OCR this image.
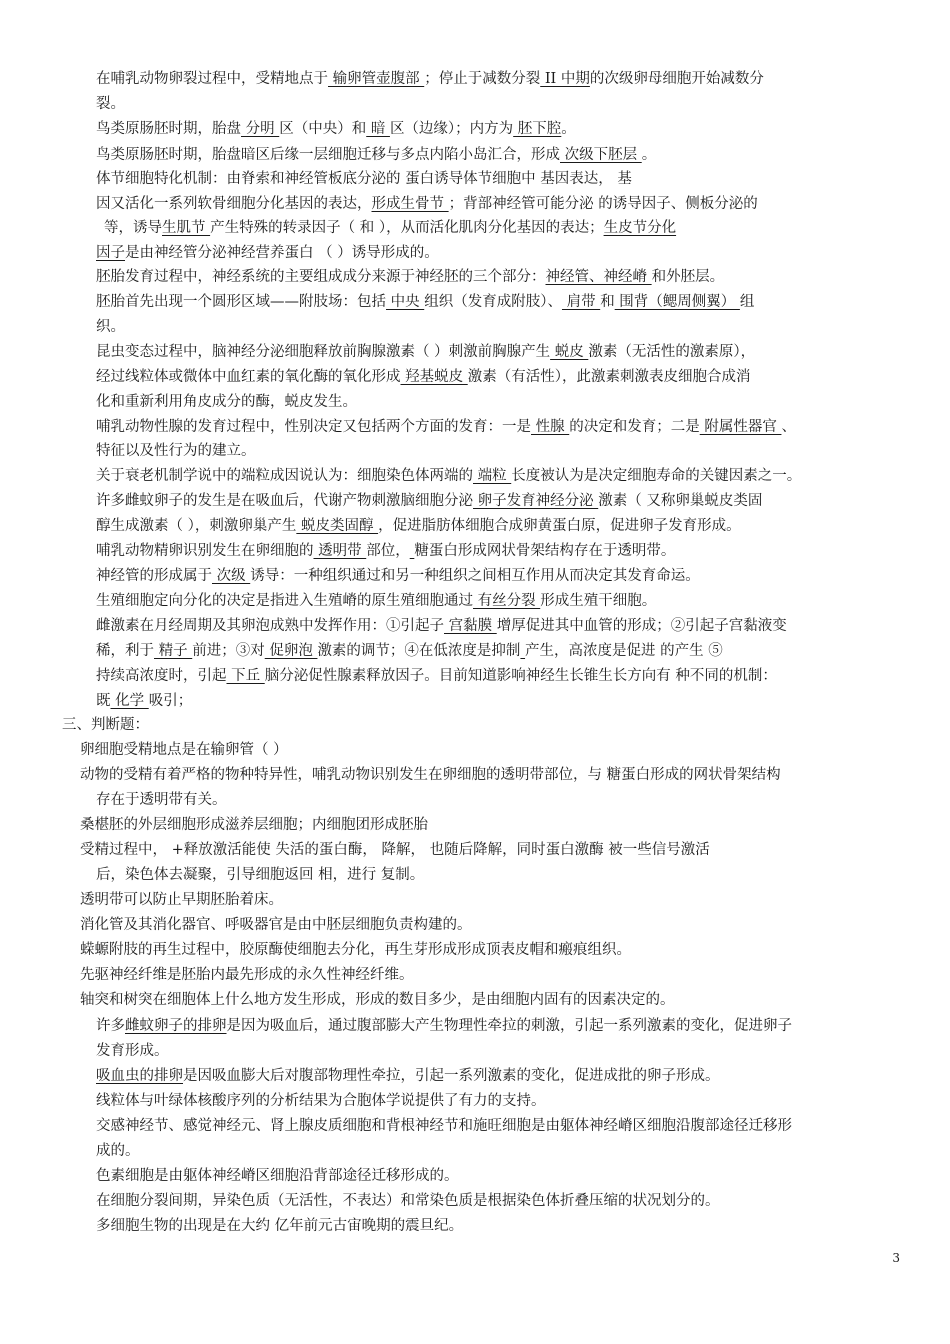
在哺乳动物卵裂过程中，受精地点于 输卵管壶腹部 ；停止于减数分裂 II 中期的次级卵母细胞开始减数分
裂。
鸟类原肠胚时期，胎盘 分明 区（中央）和 暗 区（边缘）；内方为 胚下腔。
鸟类原肠胚时期，胎盘暗区后缘一层细胞迁移与多点内陷小岛汇合，形成 次级下胚层 。
体节细胞特化机制：由脊索和神经管板底分泌的 蛋白诱导体节细胞中 基因表达， 基
因又活化一系列软骨细胞分化基因的表达，形成生骨节 ；背部神经管可能分泌 的诱导因子、侧板分泌的
等，诱导生肌节 产生特殊的转录因子（ 和 ），从而活化肌肉分化基因的表达；生皮节分化
因子是由神经管分泌神经营养蛋白 （ ）诱导形成的。
胚胎发育过程中，神经系统的主要组成成分来源于神经胚的三个部分：神经管、神经嵴 和外胚层。
胚胎首先出现一个圆形区域——附肢场：包括 中央 组织（发育成附肢）、 肩带 和 围背（鳃周侧翼） 组
织。
昆虫变态过程中，脑神经分泌细胞释放前胸腺激素（ ）刺激前胸腺产生 蜕皮 激素（无活性的激素原），
经过线粒体或微体中血红素的氧化酶的氧化形成 羟基蜕皮 激素（有活性），此激素刺激表皮细胞合成消
化和重新利用角皮成分的酶，蜕皮发生。
哺乳动物性腺的发育过程中，性别决定又包括两个方面的发育：一是 性腺 的决定和发育；二是 附属性器官 、
特征以及性行为的建立。
关于衰老机制学说中的端粒成因说认为：细胞染色体两端的 端粒 长度被认为是决定细胞寿命的关键因素之一。
许多雌蚊卵子的发生是在吸血后，代谢产物刺激脑细胞分泌 卵子发育神经分泌 激素（ 又称卵巢蜕皮类固
醇生成激素（ ），刺激卵巢产生 蜕皮类固醇 ，促进脂肪体细胞合成卵黄蛋白原，促进卵子发育形成。
哺乳动物精卵识别发生在卵细胞的 透明带 部位， 糖蛋白形成网状骨架结构存在于透明带。
神经管的形成属于 次级 诱导：一种组织通过和另一种组织之间相互作用从而决定其发育命运。
生殖细胞定向分化的决定是指进入生殖嵴的原生殖细胞通过 有丝分裂 形成生殖干细胞。
雌激素在月经周期及其卵泡成熟中发挥作用：①引起子 宫黏膜 增厚促进其中血管的形成；②引起子宫黏液变
稀，利于 精子 前进；③对 促卵泡 激素的调节；④在低浓度是抑制 产生，高浓度是促进 的产生 ⑤
持续高浓度时，引起 下丘 脑分泌促性腺素释放因子。目前知道影响神经生长锥生长方向有 种不同的机制：
既 化学 吸引；
三、判断题：
卵细胞受精地点是在输卵管（ ）
动物的受精有着严格的物种特异性，哺乳动物识别发生在卵细胞的透明带部位，与 糖蛋白形成的网状骨架结构
存在于透明带有关。
桑椹胚的外层细胞形成滋养层细胞；内细胞团形成胚胎
受精过程中， +释放激活能使 失活的蛋白酶， 降解， 也随后降解，同时蛋白激酶 被一些信号激活
后，染色体去凝聚，引导细胞返回 相，进行 复制。
透明带可以防止早期胚胎着床。
消化管及其消化器官、呼吸器官是由中胚层细胞负责构建的。
蝾螈附肢的再生过程中，胶原酶使细胞去分化，再生芽形成形成顶表皮帽和瘢痕组织。
先驱神经纤维是胚胎内最先形成的永久性神经纤维。
轴突和树突在细胞体上什么地方发生形成，形成的数目多少，是由细胞内固有的因素决定的。
许多雌蚊卵子的排卵是因为吸血后，通过腹部膨大产生物理性牵拉的刺激，引起一系列激素的变化，促进卵子
发育形成。
吸血虫的排卵是因吸血膨大后对腹部物理性牵拉，引起一系列激素的变化，促进成批的卵子形成。
线粒体与叶绿体核酸序列的分析结果为合胞体学说提供了有力的支持。
交感神经节、感觉神经元、肾上腺皮质细胞和背根神经节和施旺细胞是由躯体神经嵴区细胞沿腹部途径迁移形
成的。
色素细胞是由躯体神经嵴区细胞沿背部途径迁移形成的。
在细胞分裂间期，异染色质（无活性，不表达）和常染色质是根据染色体折叠压缩的状况划分的。
多细胞生物的出现是在大约 亿年前元古宙晚期的震旦纪。
3
